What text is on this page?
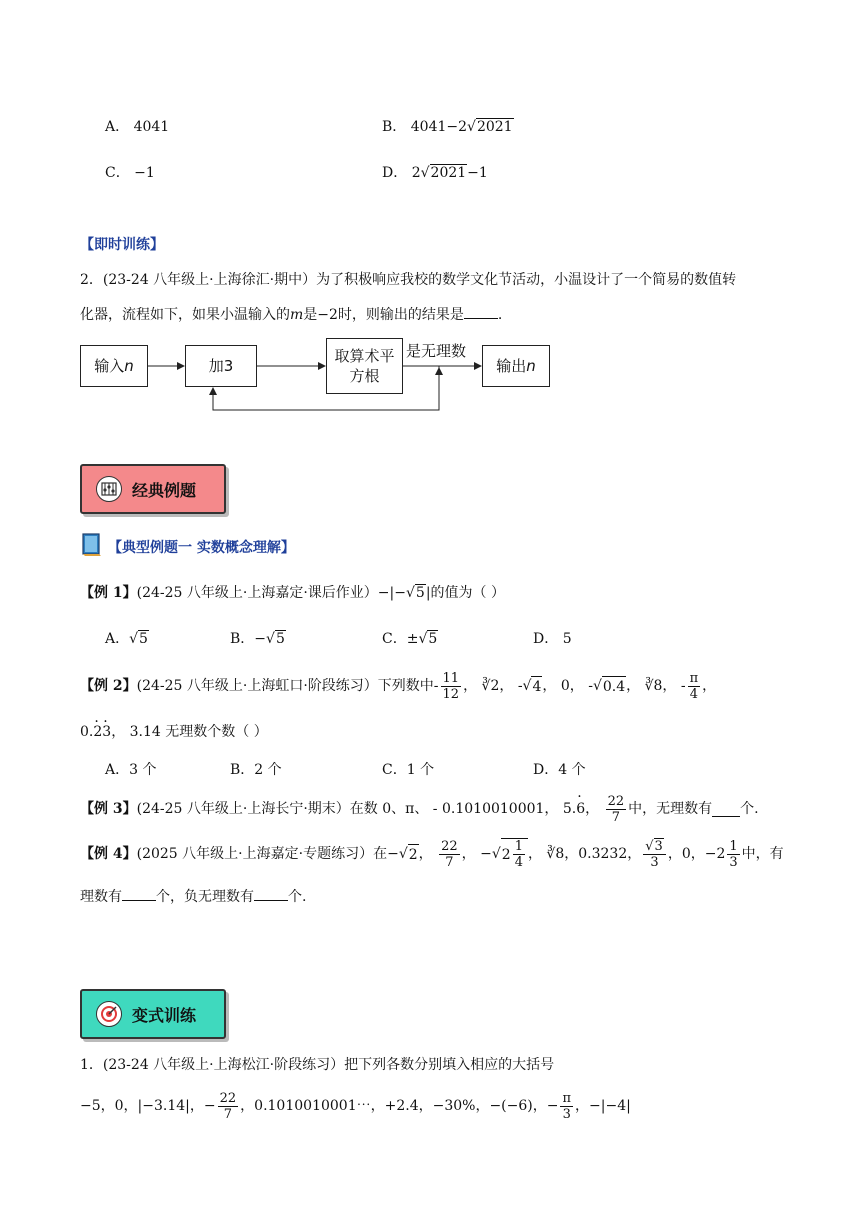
A． 4041	B． 4041−2√2021
C． −1	D． 2√2021−1
【即时训练】
2．(23-24 八年级上·上海徐汇·期中）为了积极响应我校的数学文化节活动，小温设计了一个简易的数值转
化器，流程如下，如果小温输入的m是−2时，则输出的结果是 .
输入 n	加3
取算术平
方根
输出 n
是无理数
经典例题
【典型例题一 实数概念理解】
【例 1】(24-25 八年级上·上海嘉定·课后作业）−|−√5|的值为（ ）
A．√5	B．−√5	C．±√5	D． 5
【例 2】 (24-25 八年级上·上海虹口·阶段练习）下列数中- $\frac{11}{12}$ ， ∛2，
- √ 4 ， 0，
- √ 0.4 ， ∛8，
- $\frac{\pi}{4}$ ，
0.· 2· 3， 3.14 无理数个数（ ）
A．3 个	B．2 个	C．1 个	D．4 个
【例 3】 (24-25 八年级上·上海长宁·期末）在数 0、π、 - 0.1010010001，
5.
· 6 ， $\frac{22}{7}$ 中，无理数有 个.
【例 4】 (2025 八年级上·上海嘉定·专题练习）在 − √ 2 ， $\frac{22}{7}$ ， − √ $2 \frac{1}{4}$ ， ∛8，0.3232， $\frac{√3}{3}$ ，0， $-2 \frac{1}{3}$ 中，有
理数有 个，负无理数有 个.
变式训练
1．(23-24 八年级上·上海松江·阶段练习）把下列各数分别填入相应的大括号
−5，0， |−3.14|， − $\frac{22}{7}$ ，0.1010010001⋯，+2.4，−30%， −(−6)， − $\frac{\pi}{3}$ ，−|−4|
